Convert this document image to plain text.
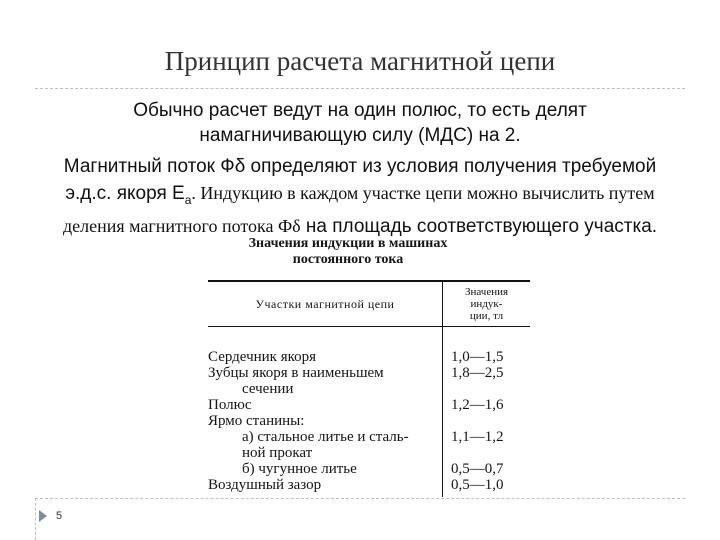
Принцип расчета магнитной цепи
Обычно расчет ведут на один полюс, то есть делят
намагничивающую силу (МДС) на 2.
Магнитный поток Фδ определяют из условия получения требуемой
э.д.с. якоря $Е_а$. Индукцию в каждом участке цепи можно вычислить путем
деления магнитного потока Фδ на площадь соответствующего участка.
Значения индукции в машинах
постоянного тока
Участки магнитной цепи
Значения
индук-
ции, тл
Сердечник якоря
Зубцы якоря в наименьшем
сечении
Полюс
Ярмо станины:
а) стальное литье и сталь-
ной прокат
б) чугунное литье
Воздушный зазор
1,0—1,5
1,8—2,5
1,2—1,6
1,1—1,2
0,5—0,7
0,5—1,0
5
